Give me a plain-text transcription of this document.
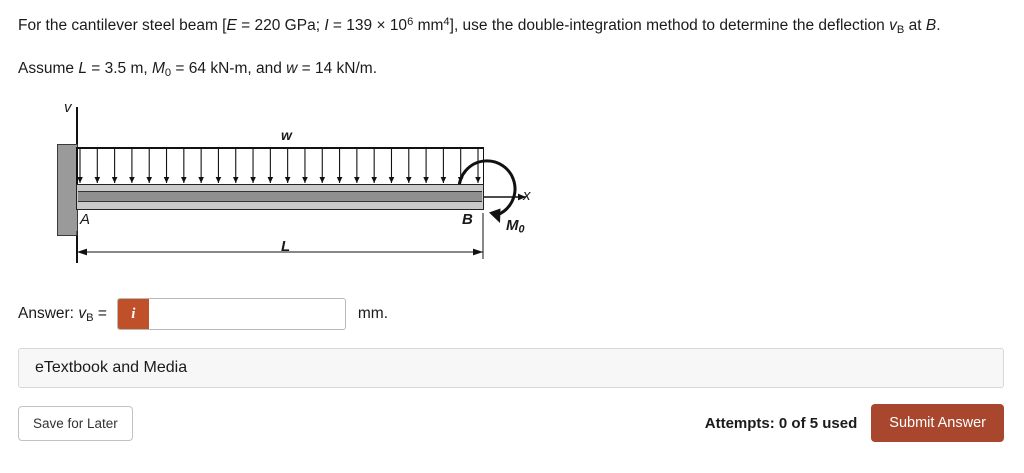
For the cantilever steel beam [E = 220 GPa; $I = 139 \times 10^6$ $mm^4$], use the double-integration method to determine the deflection $v_B$ at B.
Assume L = 3.5 m, $M_0 = 64$ kN-m, and w = 14 kN/m.
v
w
A	B
x
$M_0$
L
Answer: $v_B$ =	i	mm.
eTextbook and Media
Save for Later	Attempts: 0 of 5 used	Submit Answer
